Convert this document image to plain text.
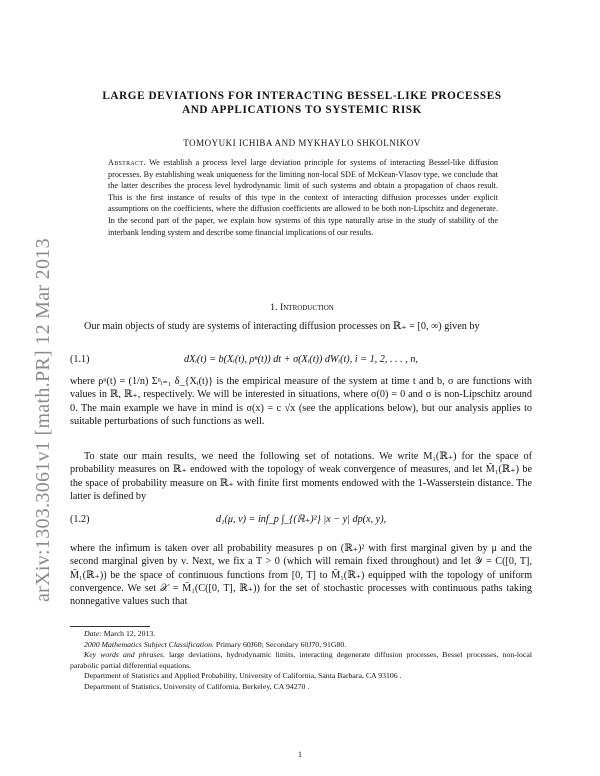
arXiv:1303.3061v1 [math.PR] 12 Mar 2013
LARGE DEVIATIONS FOR INTERACTING BESSEL-LIKE PROCESSES
AND APPLICATIONS TO SYSTEMIC RISK
TOMOYUKI ICHIBA AND MYKHAYLO SHKOLNIKOV
Abstract. We establish a process level large deviation principle for systems of interacting Bessel-like diffusion processes. By establishing weak uniqueness for the limiting non-local SDE of McKean-Vlasov type, we conclude that the latter describes the process level hydrodynamic limit of such systems and obtain a propagation of chaos result. This is the first instance of results of this type in the context of interacting diffusion processes under explicit assumptions on the coefficients, where the diffusion coefficients are allowed to be both non-Lipschitz and degenerate. In the second part of the paper, we explain how systems of this type naturally arise in the study of stability of the interbank lending system and describe some financial implications of our results.
1. Introduction
Our main objects of study are systems of interacting diffusion processes on ℝ₊ = [0, ∞) given by
(1.1)	dXᵢ(t) = b(Xᵢ(t), ρⁿ(t)) dt + σ(Xᵢ(t)) dWᵢ(t), i = 1, 2, . . . , n,
where ρⁿ(t) = (1/n) Σⁿᵢ₌₁ δ_{Xᵢ(t)} is the empirical measure of the system at time t and b, σ are functions with values in ℝ, ℝ₊, respectively. We will be interested in situations, where σ(0) = 0 and σ is non-Lipschitz around 0. The main example we have in mind is σ(x) = c √x (see the applications below), but our analysis applies to suitable perturbations of such functions as well.
To state our main results, we need the following set of notations. We write M₁(ℝ₊) for the space of probability measures on ℝ₊ endowed with the topology of weak convergence of measures, and let M̃₁(ℝ₊) be the space of probability measure on ℝ₊ with finite first moments endowed with the 1-Wasserstein distance. The latter is defined by
(1.2)	d₁(μ, ν) = inf_p ∫_{(ℝ₊)²} |x − y| dp(x, y),
where the infimum is taken over all probability measures p on (ℝ₊)² with first marginal given by μ and the second marginal given by ν. Next, we fix a T > 0 (which will remain fixed throughout) and let 𝒴 = C([0, T], M̃₁(ℝ₊)) be the space of continuous functions from [0, T] to M̃₁(ℝ₊) equipped with the topology of uniform convergence. We set 𝒳 = M̃₁(C([0, T], ℝ₊)) for the set of stochastic processes with continuous paths taking nonnegative values such that
Date: March 12, 2013.
2000 Mathematics Subject Classification. Primary 60J60; Secondary 60J70, 91G80.
Key words and phrases. large deviations, hydrodynamic limits, interacting degenerate diffusion processes, Bessel processes, non-local parabolic partial differential equations.
Department of Statistics and Applied Probability, University of California, Santa Barbara, CA 93106 .
Department of Statistics, University of California, Berkeley, CA 94270 .
1
